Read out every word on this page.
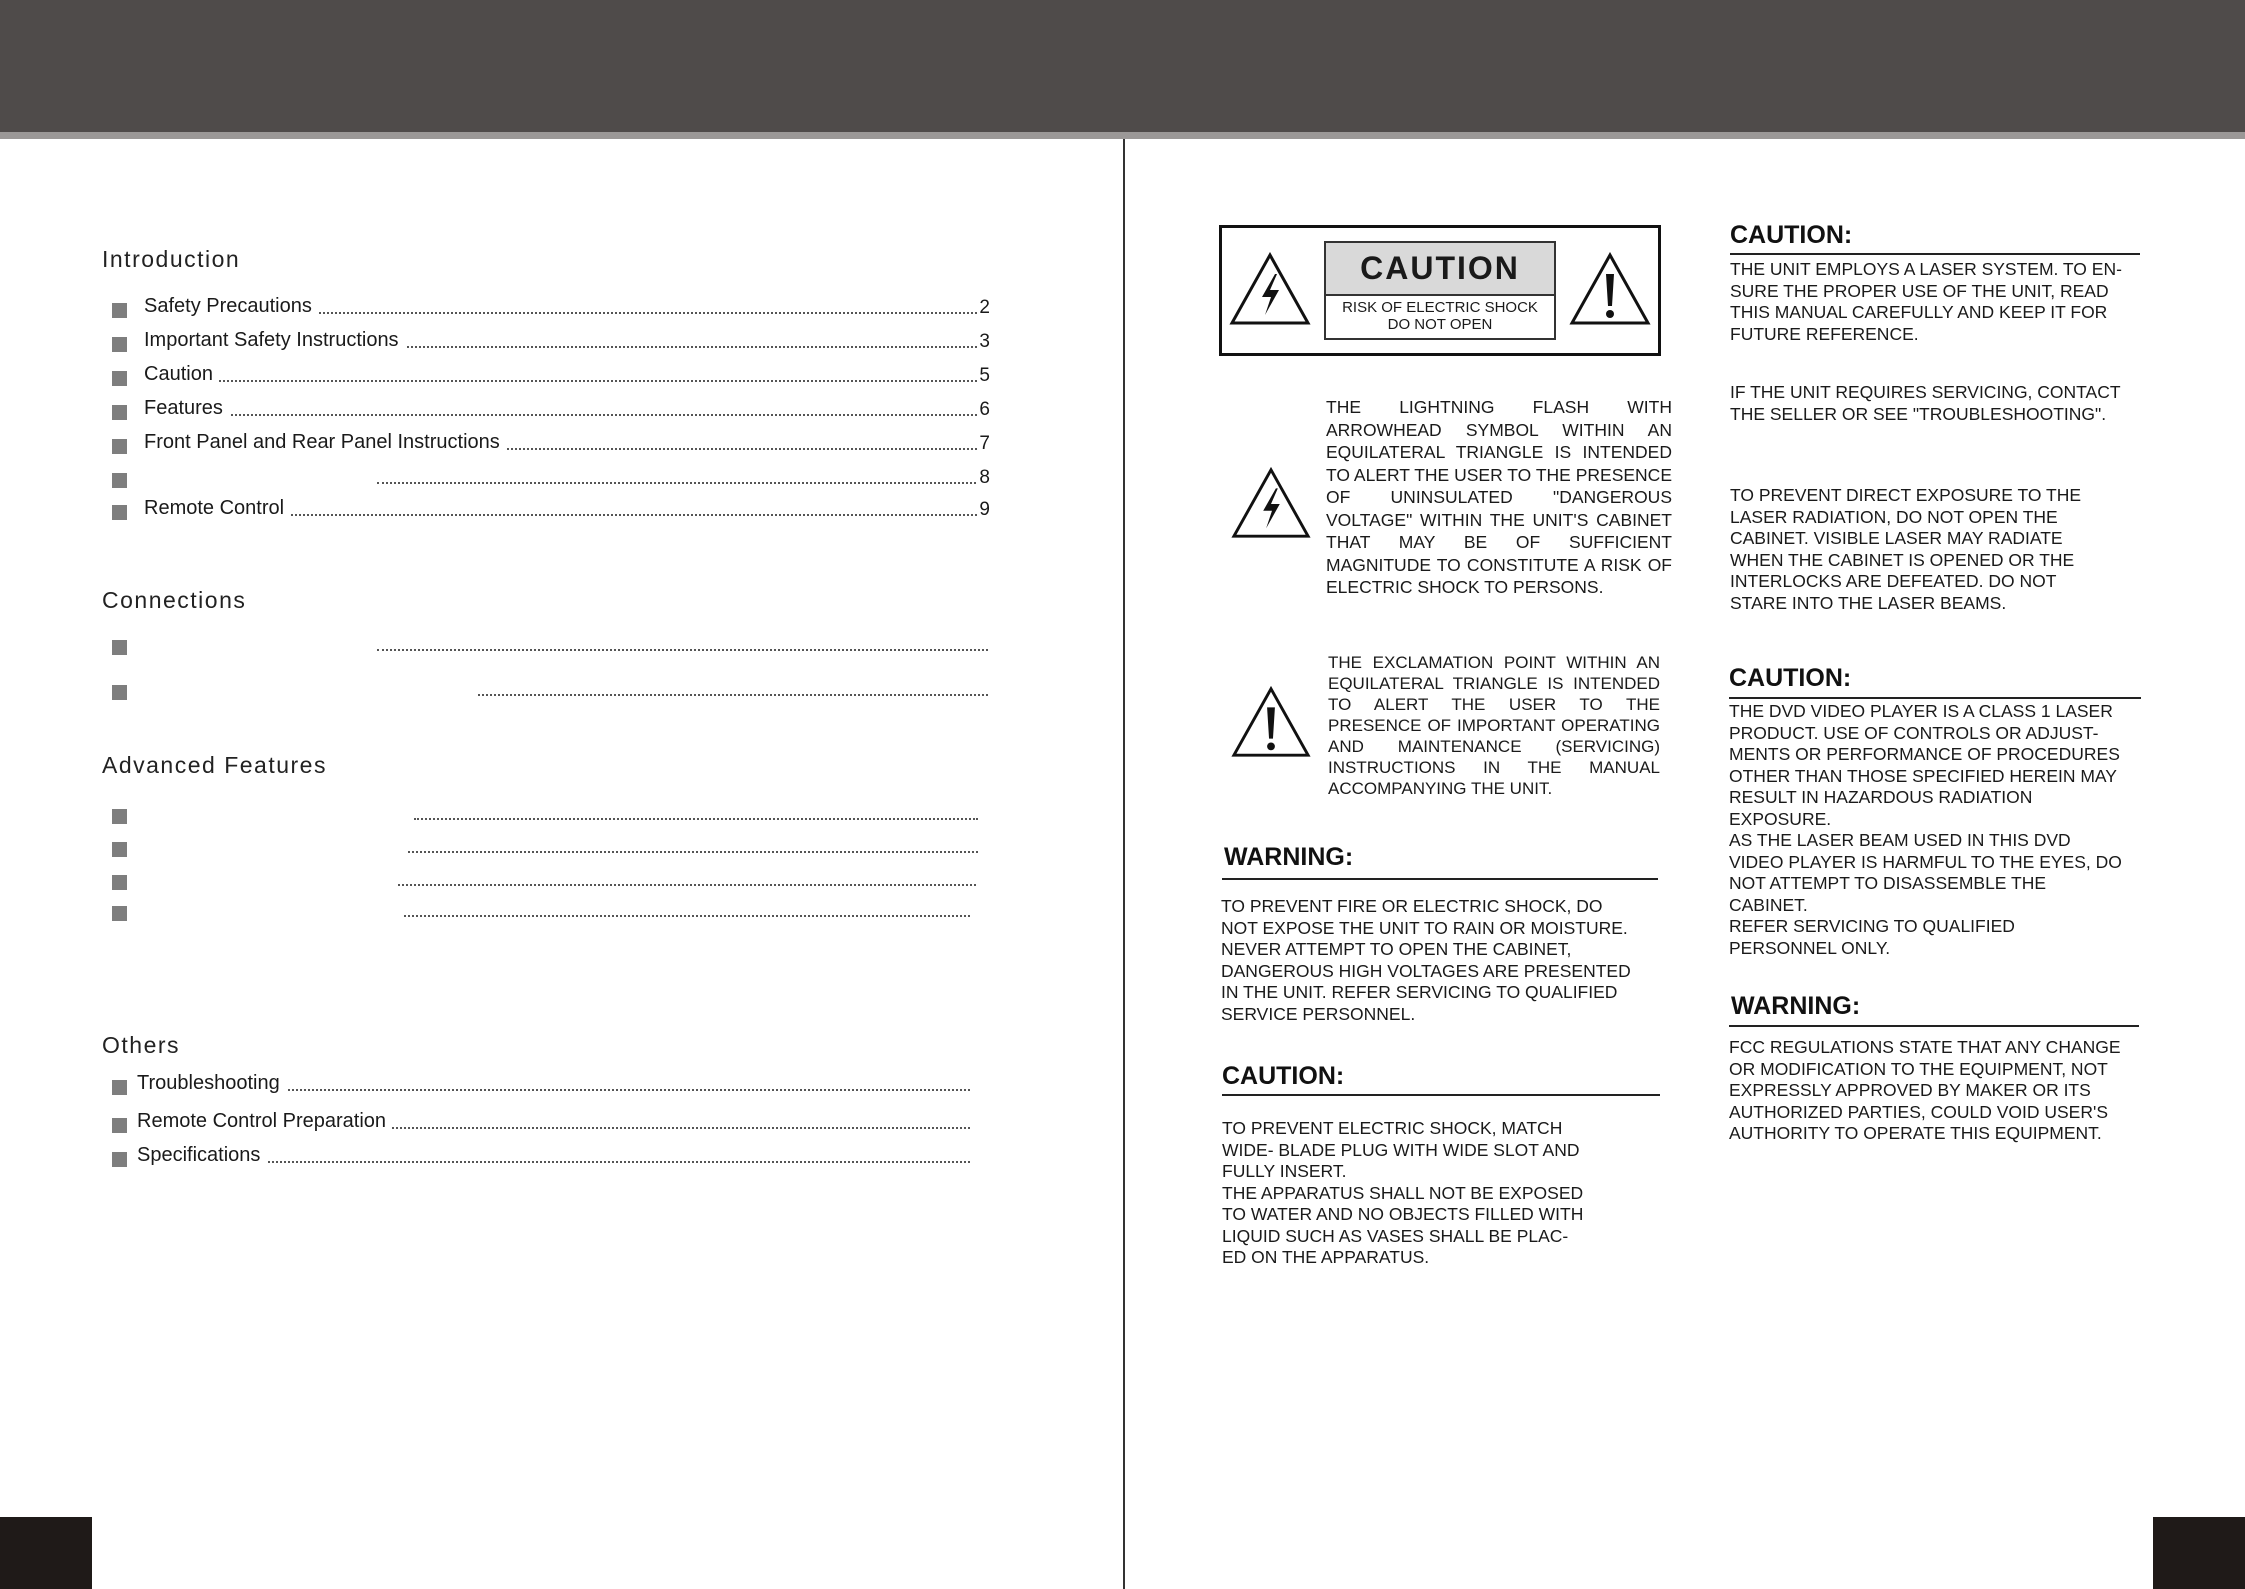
Introduction
Safety Precautions	2
Important Safety Instructions	3
Caution	5
Features	6
Front Panel and Rear Panel Instructions	7
8
Remote Control	9
Connections
Advanced Features
Others
Troubleshooting
Remote Control Preparation
Specifications
CAUTION
RISK OF ELECTRIC SHOCK
DO NOT OPEN
THE LIGHTNING FLASH WITH ARROWHEAD SYMBOL WITHIN AN EQUILATERAL TRIANGLE IS INTENDED TO ALERT THE USER TO THE PRESENCE OF UNINSULATED "DANGEROUS VOLTAGE" WITHIN THE UNIT'S CABINET THAT MAY BE OF SUFFICIENT MAGNITUDE TO CONSTITUTE A RISK OF ELECTRIC SHOCK TO PERSONS.
THE EXCLAMATION POINT WITHIN AN EQUILATERAL TRIANGLE IS INTENDED TO ALERT THE USER TO THE PRESENCE OF IMPORTANT OPERATING AND MAINTENANCE (SERVICING) INSTRUCTIONS IN THE MANUAL ACCOMPANYING THE UNIT.
WARNING:
TO PREVENT FIRE OR ELECTRIC SHOCK, DO
NOT EXPOSE THE UNIT TO RAIN OR MOISTURE.
NEVER ATTEMPT TO OPEN THE CABINET,
DANGEROUS HIGH VOLTAGES ARE PRESENTED
IN THE UNIT. REFER SERVICING TO QUALIFIED
SERVICE PERSONNEL.
CAUTION:
TO PREVENT ELECTRIC SHOCK, MATCH
WIDE- BLADE PLUG WITH WIDE SLOT AND
FULLY INSERT.
THE APPARATUS SHALL NOT BE EXPOSED
TO WATER AND NO OBJECTS FILLED WITH
LIQUID SUCH AS VASES SHALL BE PLAC-
ED ON THE APPARATUS.
CAUTION:
THE UNIT EMPLOYS A LASER SYSTEM. TO EN-
SURE THE PROPER USE OF THE UNIT, READ
THIS MANUAL CAREFULLY AND KEEP IT FOR
FUTURE REFERENCE.
IF THE UNIT REQUIRES SERVICING, CONTACT
THE SELLER OR SEE "TROUBLESHOOTING".
TO PREVENT DIRECT EXPOSURE TO THE
LASER RADIATION, DO NOT OPEN THE
CABINET. VISIBLE LASER MAY RADIATE
WHEN THE CABINET IS OPENED OR THE
INTERLOCKS ARE DEFEATED. DO NOT
STARE INTO THE LASER BEAMS.
CAUTION:
THE DVD VIDEO PLAYER IS A CLASS 1 LASER
PRODUCT. USE OF CONTROLS OR ADJUST-
MENTS OR PERFORMANCE OF PROCEDURES
OTHER THAN THOSE SPECIFIED HEREIN MAY
RESULT IN HAZARDOUS RADIATION
EXPOSURE.
AS THE LASER BEAM USED IN THIS DVD
VIDEO PLAYER IS HARMFUL TO THE EYES, DO
NOT ATTEMPT TO DISASSEMBLE THE
CABINET.
REFER SERVICING TO QUALIFIED
PERSONNEL ONLY.
WARNING:
FCC REGULATIONS STATE THAT ANY CHANGE
OR MODIFICATION TO THE EQUIPMENT, NOT
EXPRESSLY APPROVED BY MAKER OR ITS
AUTHORIZED PARTIES, COULD VOID USER'S
AUTHORITY TO OPERATE THIS EQUIPMENT.
